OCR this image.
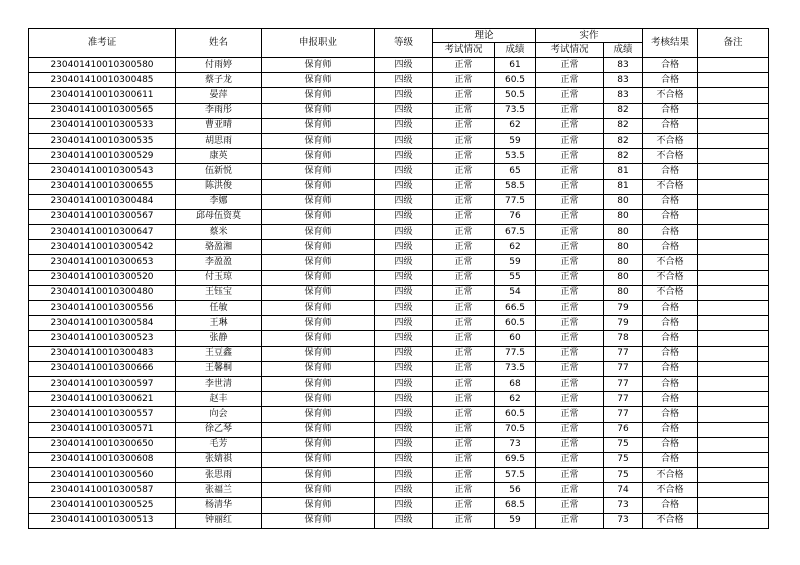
准考证	姓名	申报职业	等级	理论		实作		考核结果	备注
				考试情况	成绩	考试情况	成绩		
230401410010300580	付雨婷	保育师	四级	正常	61	正常	83	合格	
230401410010300485	蔡子龙	保育师	四级	正常	60.5	正常	83	合格	
230401410010300611	晏萍	保育师	四级	正常	50.5	正常	83	不合格	
230401410010300565	李雨彤	保育师	四级	正常	73.5	正常	82	合格	
230401410010300533	曹亚晴	保育师	四级	正常	62	正常	82	合格	
230401410010300535	胡思雨	保育师	四级	正常	59	正常	82	不合格	
230401410010300529	康英	保育师	四级	正常	53.5	正常	82	不合格	
230401410010300543	伍新悦	保育师	四级	正常	65	正常	81	合格	
230401410010300655	陈洪俊	保育师	四级	正常	58.5	正常	81	不合格	
230401410010300484	李娜	保育师	四级	正常	77.5	正常	80	合格	
230401410010300567	邱母伍资莫	保育师	四级	正常	76	正常	80	合格	
230401410010300647	蔡米	保育师	四级	正常	67.5	正常	80	合格	
230401410010300542	骆盈湘	保育师	四级	正常	62	正常	80	合格	
230401410010300653	李盈盈	保育师	四级	正常	59	正常	80	不合格	
230401410010300520	付玉琼	保育师	四级	正常	55	正常	80	不合格	
230401410010300480	王钰宝	保育师	四级	正常	54	正常	80	不合格	
230401410010300556	任敏	保育师	四级	正常	66.5	正常	79	合格	
230401410010300584	王琳	保育师	四级	正常	60.5	正常	79	合格	
230401410010300523	张静	保育师	四级	正常	60	正常	78	合格	
230401410010300483	王豆鑫	保育师	四级	正常	77.5	正常	77	合格	
230401410010300666	王馨桐	保育师	四级	正常	73.5	正常	77	合格	
230401410010300597	李世清	保育师	四级	正常	68	正常	77	合格	
230401410010300621	赵丰	保育师	四级	正常	62	正常	77	合格	
230401410010300557	向会	保育师	四级	正常	60.5	正常	77	合格	
230401410010300571	徐乙琴	保育师	四级	正常	70.5	正常	76	合格	
230401410010300650	毛芳	保育师	四级	正常	73	正常	75	合格	
230401410010300608	张婧祺	保育师	四级	正常	69.5	正常	75	合格	
230401410010300560	张思雨	保育师	四级	正常	57.5	正常	75	不合格	
230401410010300587	张福兰	保育师	四级	正常	56	正常	74	不合格	
230401410010300525	杨清华	保育师	四级	正常	68.5	正常	73	合格	
230401410010300513	钟丽红	保育师	四级	正常	59	正常	73	不合格	
